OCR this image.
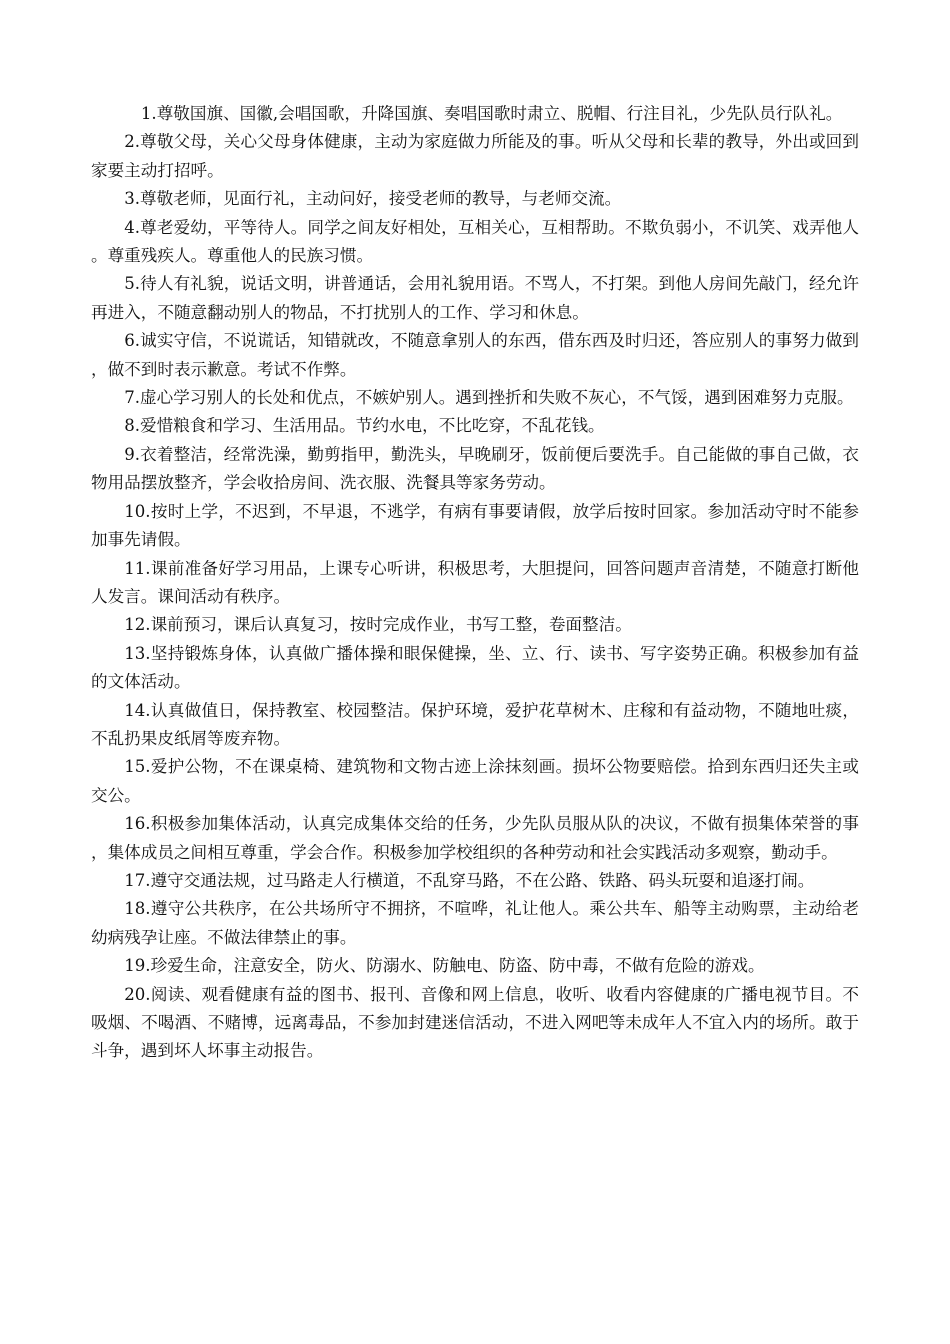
1.尊敬国旗、国徽,会唱国歌，升降国旗、奏唱国歌时肃立、脱帽、行注目礼，少先队员行队礼。

2.尊敬父母，关心父母身体健康，主动为家庭做力所能及的事。听从父母和长辈的教导，外出或回到家要主动打招呼。

3.尊敬老师，见面行礼，主动问好，接受老师的教导，与老师交流。

4.尊老爱幼，平等待人。同学之间友好相处，互相关心，互相帮助。不欺负弱小，不讥笑、戏弄他人。尊重残疾人。尊重他人的民族习惯。

5.待人有礼貌，说话文明，讲普通话，会用礼貌用语。不骂人，不打架。到他人房间先敲门，经允许再进入，不随意翻动别人的物品，不打扰别人的工作、学习和休息。

6.诚实守信，不说谎话，知错就改，不随意拿别人的东西，借东西及时归还，答应别人的事努力做到，做不到时表示歉意。考试不作弊。

7.虚心学习别人的长处和优点，不嫉妒别人。遇到挫折和失败不灰心，不气馁，遇到困难努力克服。

8.爱惜粮食和学习、生活用品。节约水电，不比吃穿，不乱花钱。

9.衣着整洁，经常洗澡，勤剪指甲，勤洗头，早晚刷牙，饭前便后要洗手。自己能做的事自己做，衣物用品摆放整齐，学会收拾房间、洗衣服、洗餐具等家务劳动。

10.按时上学，不迟到，不早退，不逃学，有病有事要请假，放学后按时回家。参加活动守时不能参加事先请假。

11.课前准备好学习用品，上课专心听讲，积极思考，大胆提问，回答问题声音清楚，不随意打断他人发言。课间活动有秩序。

12.课前预习，课后认真复习，按时完成作业，书写工整，卷面整洁。

13.坚持锻炼身体，认真做广播体操和眼保健操，坐、立、行、读书、写字姿势正确。积极参加有益的文体活动。

14.认真做值日，保持教室、校园整洁。保护环境，爱护花草树木、庄稼和有益动物，不随地吐痰，不乱扔果皮纸屑等废弃物。

15.爱护公物，不在课桌椅、建筑物和文物古迹上涂抹刻画。损坏公物要赔偿。拾到东西归还失主或交公。

16.积极参加集体活动，认真完成集体交给的任务，少先队员服从队的决议，不做有损集体荣誉的事，集体成员之间相互尊重，学会合作。积极参加学校组织的各种劳动和社会实践活动多观察，勤动手。

17.遵守交通法规，过马路走人行横道，不乱穿马路，不在公路、铁路、码头玩耍和追逐打闹。

18.遵守公共秩序，在公共场所守不拥挤，不喧哗，礼让他人。乘公共车、船等主动购票，主动给老幼病残孕让座。不做法律禁止的事。

19.珍爱生命，注意安全，防火、防溺水、防触电、防盗、防中毒，不做有危险的游戏。

20.阅读、观看健康有益的图书、报刊、音像和网上信息，收听、收看内容健康的广播电视节目。不吸烟、不喝酒、不赌博，远离毒品，不参加封建迷信活动，不进入网吧等未成年人不宜入内的场所。敢于斗争，遇到坏人坏事主动报告。
